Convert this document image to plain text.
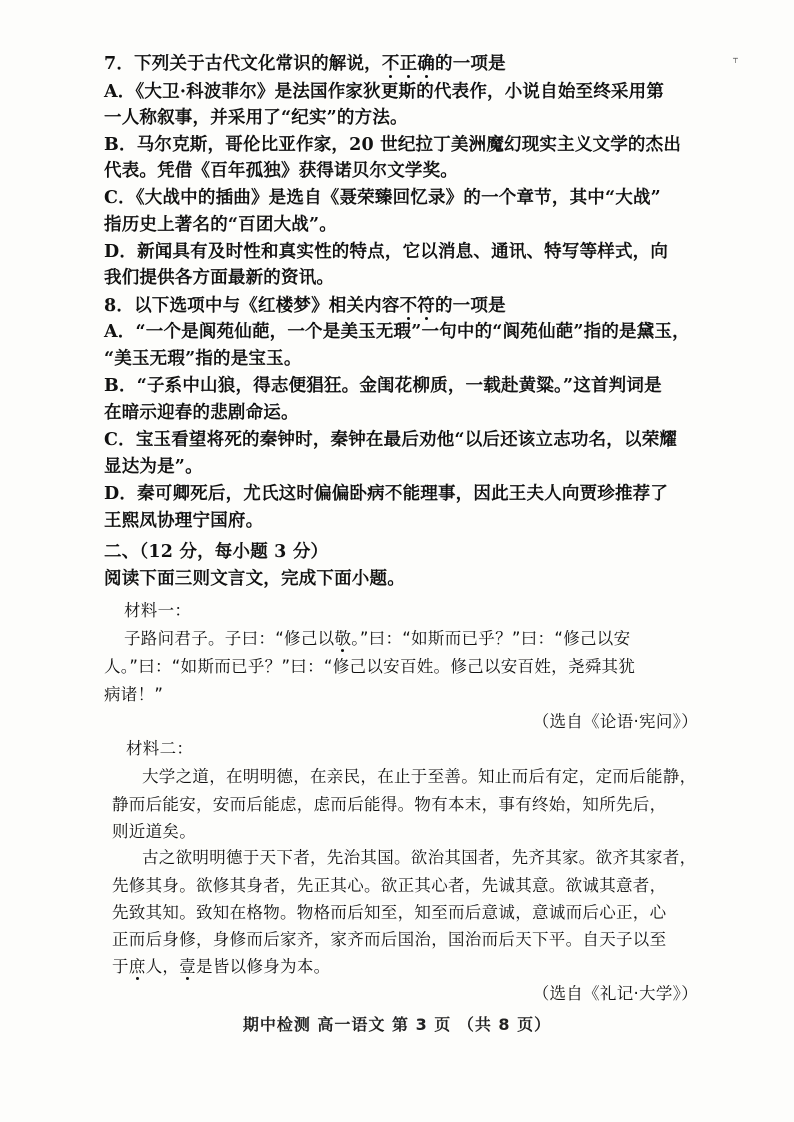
┬
7．下列关于古代文化常识的解说，不正确的一项是
A．《大卫·科波菲尔》是法国作家狄更斯的代表作，小说自始至终采用第
一人称叙事，并采用了“纪实”的方法。
B．马尔克斯，哥伦比亚作家，20 世纪拉丁美洲魔幻现实主义文学的杰出
代表。凭借《百年孤独》获得诺贝尔文学奖。
C．《大战中的插曲》是选自《聂荣臻回忆录》的一个章节，其中“大战”
指历史上著名的“百团大战”。
D．新闻具有及时性和真实性的特点，它以消息、通讯、特写等样式，向
我们提供各方面最新的资讯。
8．以下选项中与《红楼梦》相关内容不符的一项是
A．“一个是阆苑仙葩，一个是美玉无瑕”一句中的“阆苑仙葩”指的是黛玉，
“美玉无瑕”指的是宝玉。
B．“子系中山狼，得志便猖狂。金闺花柳质，一载赴黄粱。”这首判词是
在暗示迎春的悲剧命运。
C．宝玉看望将死的秦钟时，秦钟在最后劝他“以后还该立志功名，以荣耀
显达为是”。
D．秦可卿死后，尤氏这时偏偏卧病不能理事，因此王夫人向贾珍推荐了
王熙凤协理宁国府。
二、（12 分，每小题 3 分）
阅读下面三则文言文，完成下面小题。
材料一：
子路问君子。子曰：“修己以敬。”曰：“如斯而已乎？”曰：“修己以安
人。”曰：“如斯而已乎？”曰：“修己以安百姓。修己以安百姓，尧舜其犹
病诸！”
（选自《论语·宪问》）
材料二：
大学之道，在明明德，在亲民，在止于至善。知止而后有定，定而后能静，
静而后能安，安而后能虑，虑而后能得。物有本末，事有终始，知所先后，
则近道矣。
古之欲明明德于天下者，先治其国。欲治其国者，先齐其家。欲齐其家者，
先修其身。欲修其身者，先正其心。欲正其心者，先诚其意。欲诚其意者，
先致其知。致知在格物。物格而后知至，知至而后意诚，意诚而后心正，心
正而后身修，身修而后家齐，家齐而后国治，国治而后天下平。自天子以至
于庶人，壹是皆以修身为本。
（选自《礼记·大学》）
期中检测 高一语文 第 3 页 （共 8 页）
